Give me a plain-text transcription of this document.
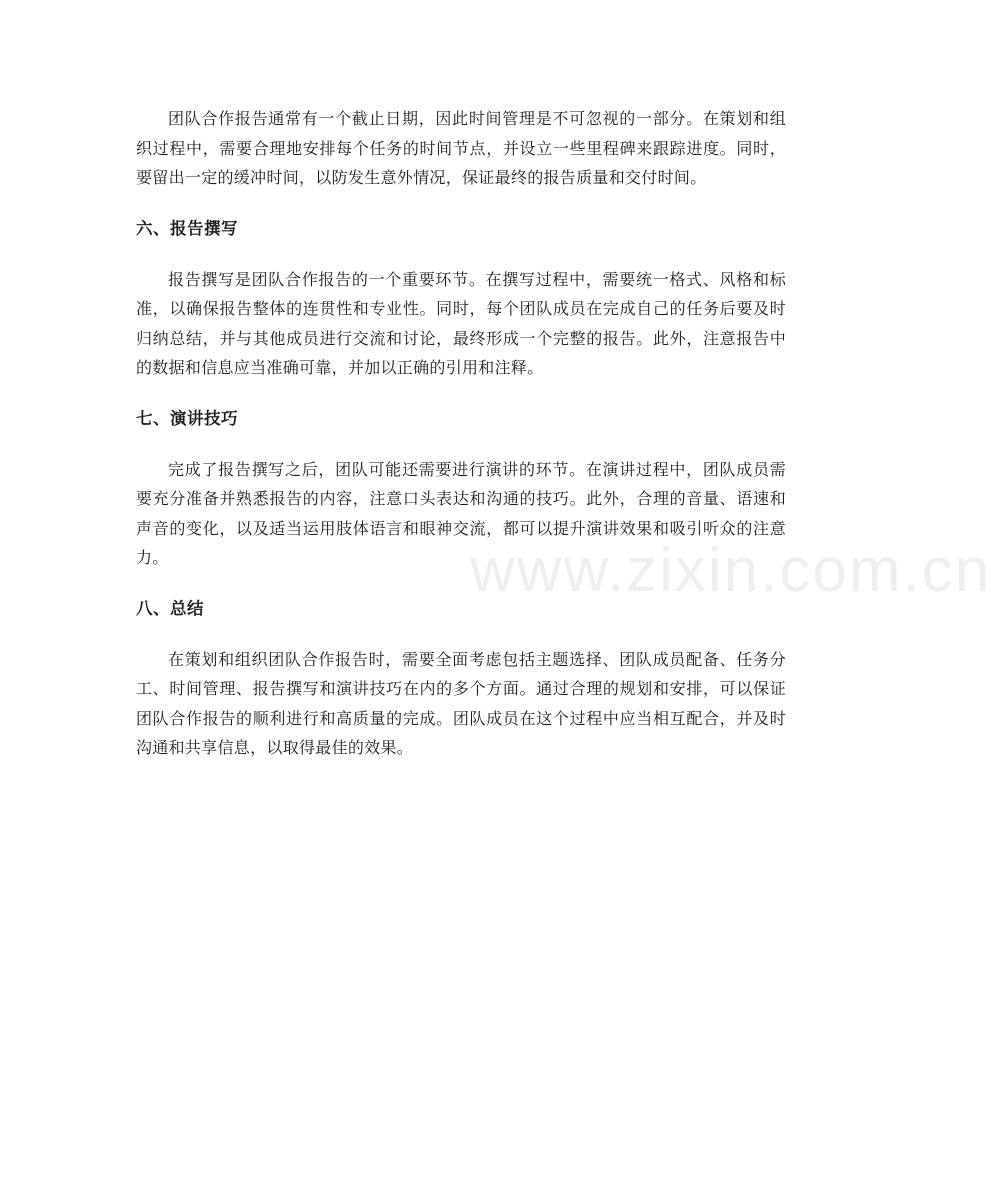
www.zixin.com.cn

团队合作报告通常有一个截止日期，因此时间管理是不可忽视的一部分。在策划和组织过程中，需要合理地安排每个任务的时间节点，并设立一些里程碑来跟踪进度。同时，要留出一定的缓冲时间，以防发生意外情况，保证最终的报告质量和交付时间。

六、报告撰写

报告撰写是团队合作报告的一个重要环节。在撰写过程中，需要统一格式、风格和标准，以确保报告整体的连贯性和专业性。同时，每个团队成员在完成自己的任务后要及时归纳总结，并与其他成员进行交流和讨论，最终形成一个完整的报告。此外，注意报告中的数据和信息应当准确可靠，并加以正确的引用和注释。

七、演讲技巧

完成了报告撰写之后，团队可能还需要进行演讲的环节。在演讲过程中，团队成员需要充分准备并熟悉报告的内容，注意口头表达和沟通的技巧。此外，合理的音量、语速和声音的变化，以及适当运用肢体语言和眼神交流，都可以提升演讲效果和吸引听众的注意力。

八、总结

在策划和组织团队合作报告时，需要全面考虑包括主题选择、团队成员配备、任务分工、时间管理、报告撰写和演讲技巧在内的多个方面。通过合理的规划和安排，可以保证团队合作报告的顺利进行和高质量的完成。团队成员在这个过程中应当相互配合，并及时沟通和共享信息，以取得最佳的效果。
